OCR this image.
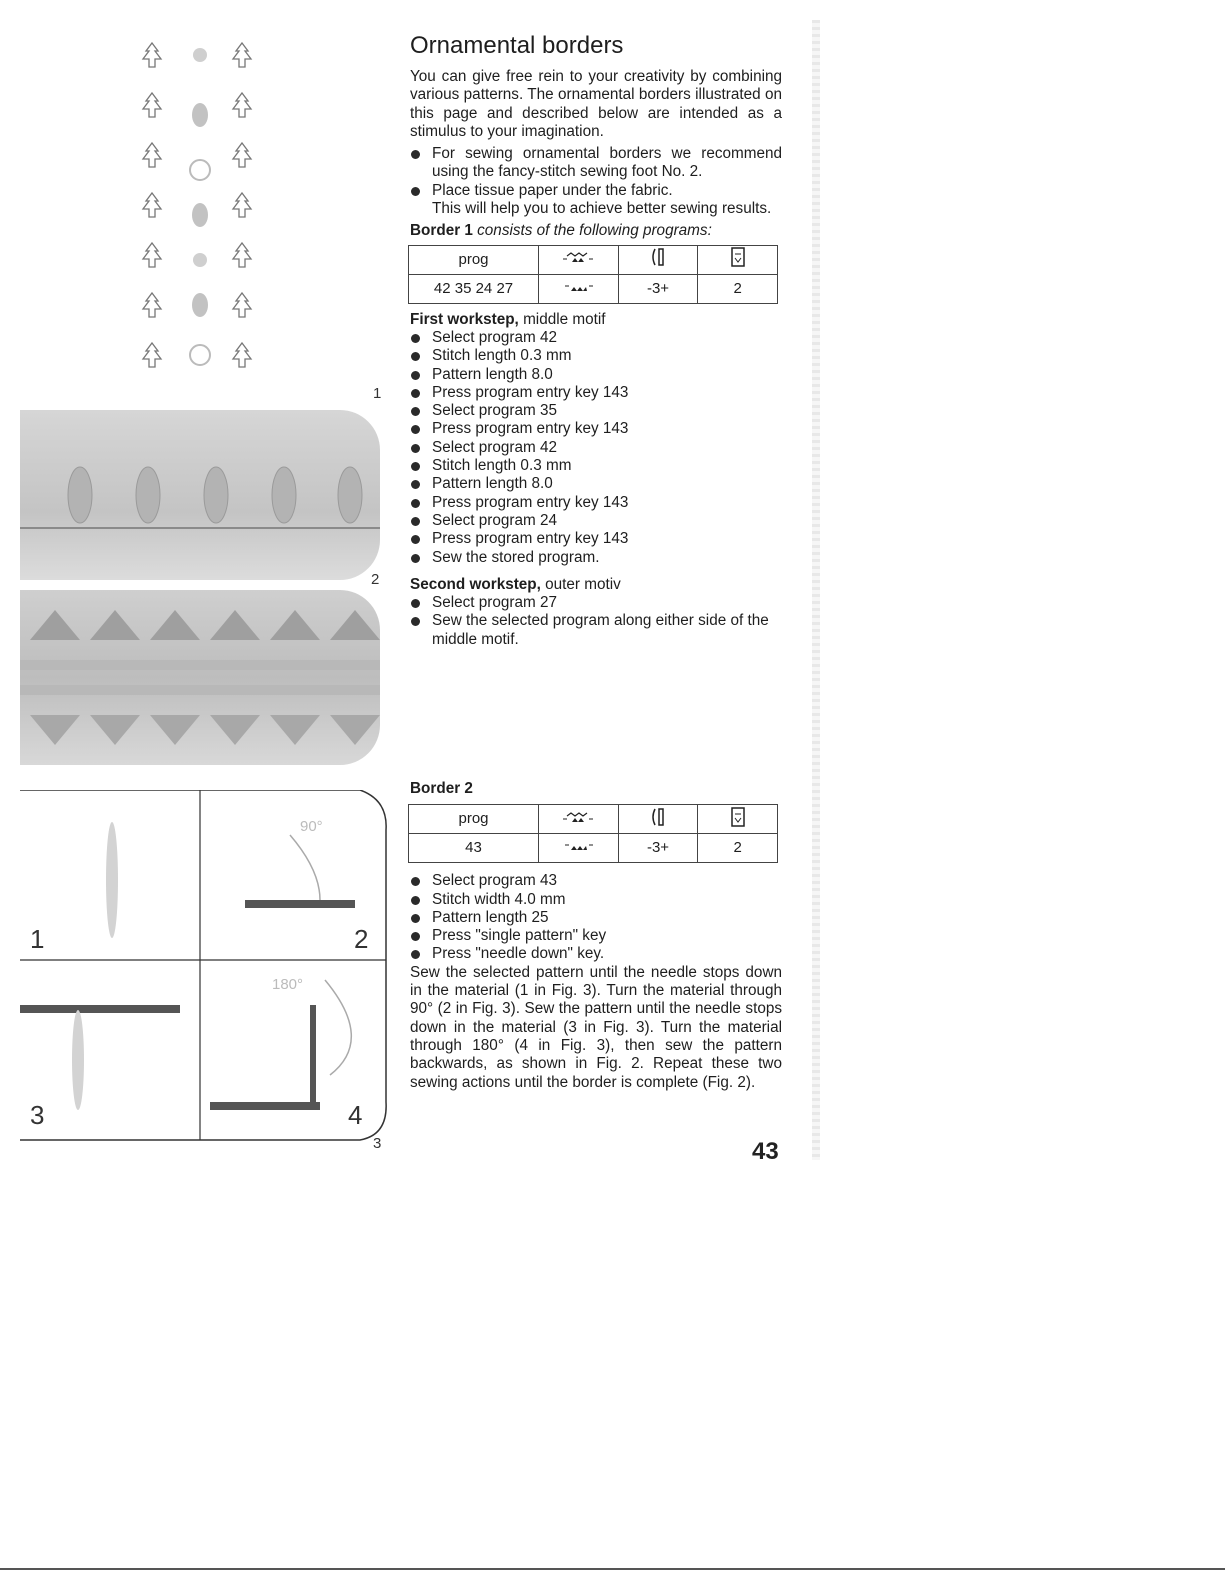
1
2
90°
180°
1	2
3	4
3
Ornamental borders

You can give free rein to your creativity by combining various patterns. The ornamental borders illustrated on this page and described below are intended as a stimulus to your imagination.

For sewing ornamental borders we recommend using the fancy-stitch sewing foot No. 2.
Place tissue paper under the fabric.
This will help you to achieve better sewing results.

Border 1 consists of the following programs:

prog			
42 35 24 27		-3+	2

First workstep, middle motif

Select program 42
Stitch length 0.3 mm
Pattern length 8.0
Press program entry key 143
Select program 35
Press program entry key 143
Select program 42
Stitch length 0.3 mm
Pattern length 8.0
Press program entry key 143
Select program 24
Press program entry key 143
Sew the stored program.

Second workstep, outer motiv

Select program 27
Sew the selected program along either side of the middle motif.

Border 2

prog			
43		-3+	2
Select program 43
Stitch width 4.0 mm
Pattern length 25
Press "single pattern" key
Press "needle down" key.

Sew the selected pattern until the needle stops down in the material (1 in Fig. 3). Turn the material through 90° (2 in Fig. 3). Sew the pattern until the needle stops down in the material (3 in Fig. 3). Turn the material through 180° (4 in Fig. 3), then sew the pattern backwards, as shown in Fig. 2. Repeat these two sewing actions until the border is complete (Fig. 2).

43
